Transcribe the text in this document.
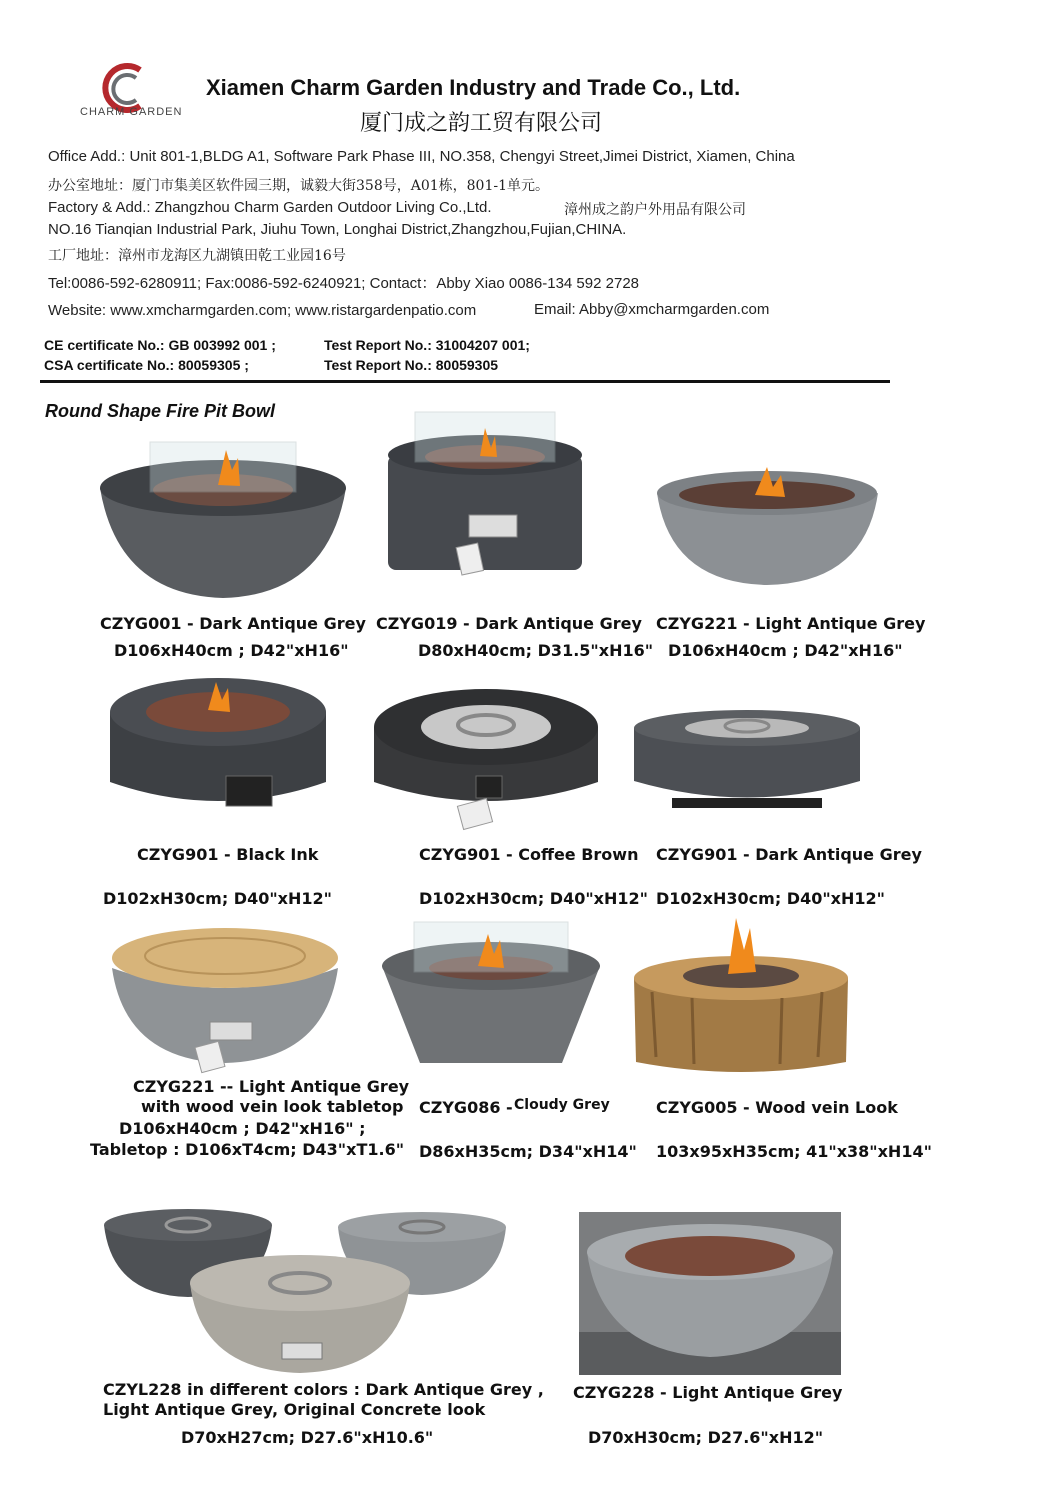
CHARM GARDEN
Xiamen Charm Garden Industry and Trade Co., Ltd.
厦门成之韵工贸有限公司
Office Add.: Unit 801-1,BLDG A1, Software Park Phase III, NO.358, Chengyi Street,Jimei District, Xiamen, China
办公室地址：厦门市集美区软件园三期，诚毅大街358号，A01栋，801-1单元。
Factory & Add.: Zhangzhou Charm Garden Outdoor Living Co.,Ltd.	漳州成之韵户外用品有限公司
NO.16 Tianqian Industrial Park, Jiuhu Town, Longhai District,Zhangzhou,Fujian,CHINA.
工厂地址：漳州市龙海区九湖镇田乾工业园16号
Tel:0086-592-6280911; Fax:0086-592-6240921; Contact：Abby Xiao 0086-134 592 2728
Website: www.xmcharmgarden.com; www.ristargardenpatio.com	Email: Abby@xmcharmgarden.com
CE certificate No.: GB 003992 001 ;	Test Report No.: 31004207 001;
CSA certificate No.: 80059305 ;	Test Report No.: 80059305
Round Shape Fire Pit Bowl
CZYG001 - Dark Antique Grey
D106xH40cm ; D42"xH16"
CZYG019 - Dark Antique Grey
D80xH40cm; D31.5"xH16"
CZYG221 - Light Antique Grey
D106xH40cm ; D42"xH16"
CZYG901 - Black Ink
D102xH30cm; D40"xH12"
CZYG901 - Coffee Brown
D102xH30cm; D40"xH12"
CZYG901 - Dark Antique Grey
D102xH30cm; D40"xH12"
CZYG221 -- Light Antique Grey
with wood vein look tabletop
D106xH40cm ; D42"xH16" ;
Tabletop : D106xT4cm; D43"xT1.6"
CZYG086 - Cloudy Grey
D86xH35cm; D34"xH14"
CZYG005 - Wood vein Look
103x95xH35cm; 41"x38"xH14"
CZYL228 in different colors : Dark Antique Grey ,
Light Antique Grey, Original Concrete look
D70xH27cm; D27.6"xH10.6"
CZYG228 - Light Antique Grey
D70xH30cm; D27.6"xH12"
